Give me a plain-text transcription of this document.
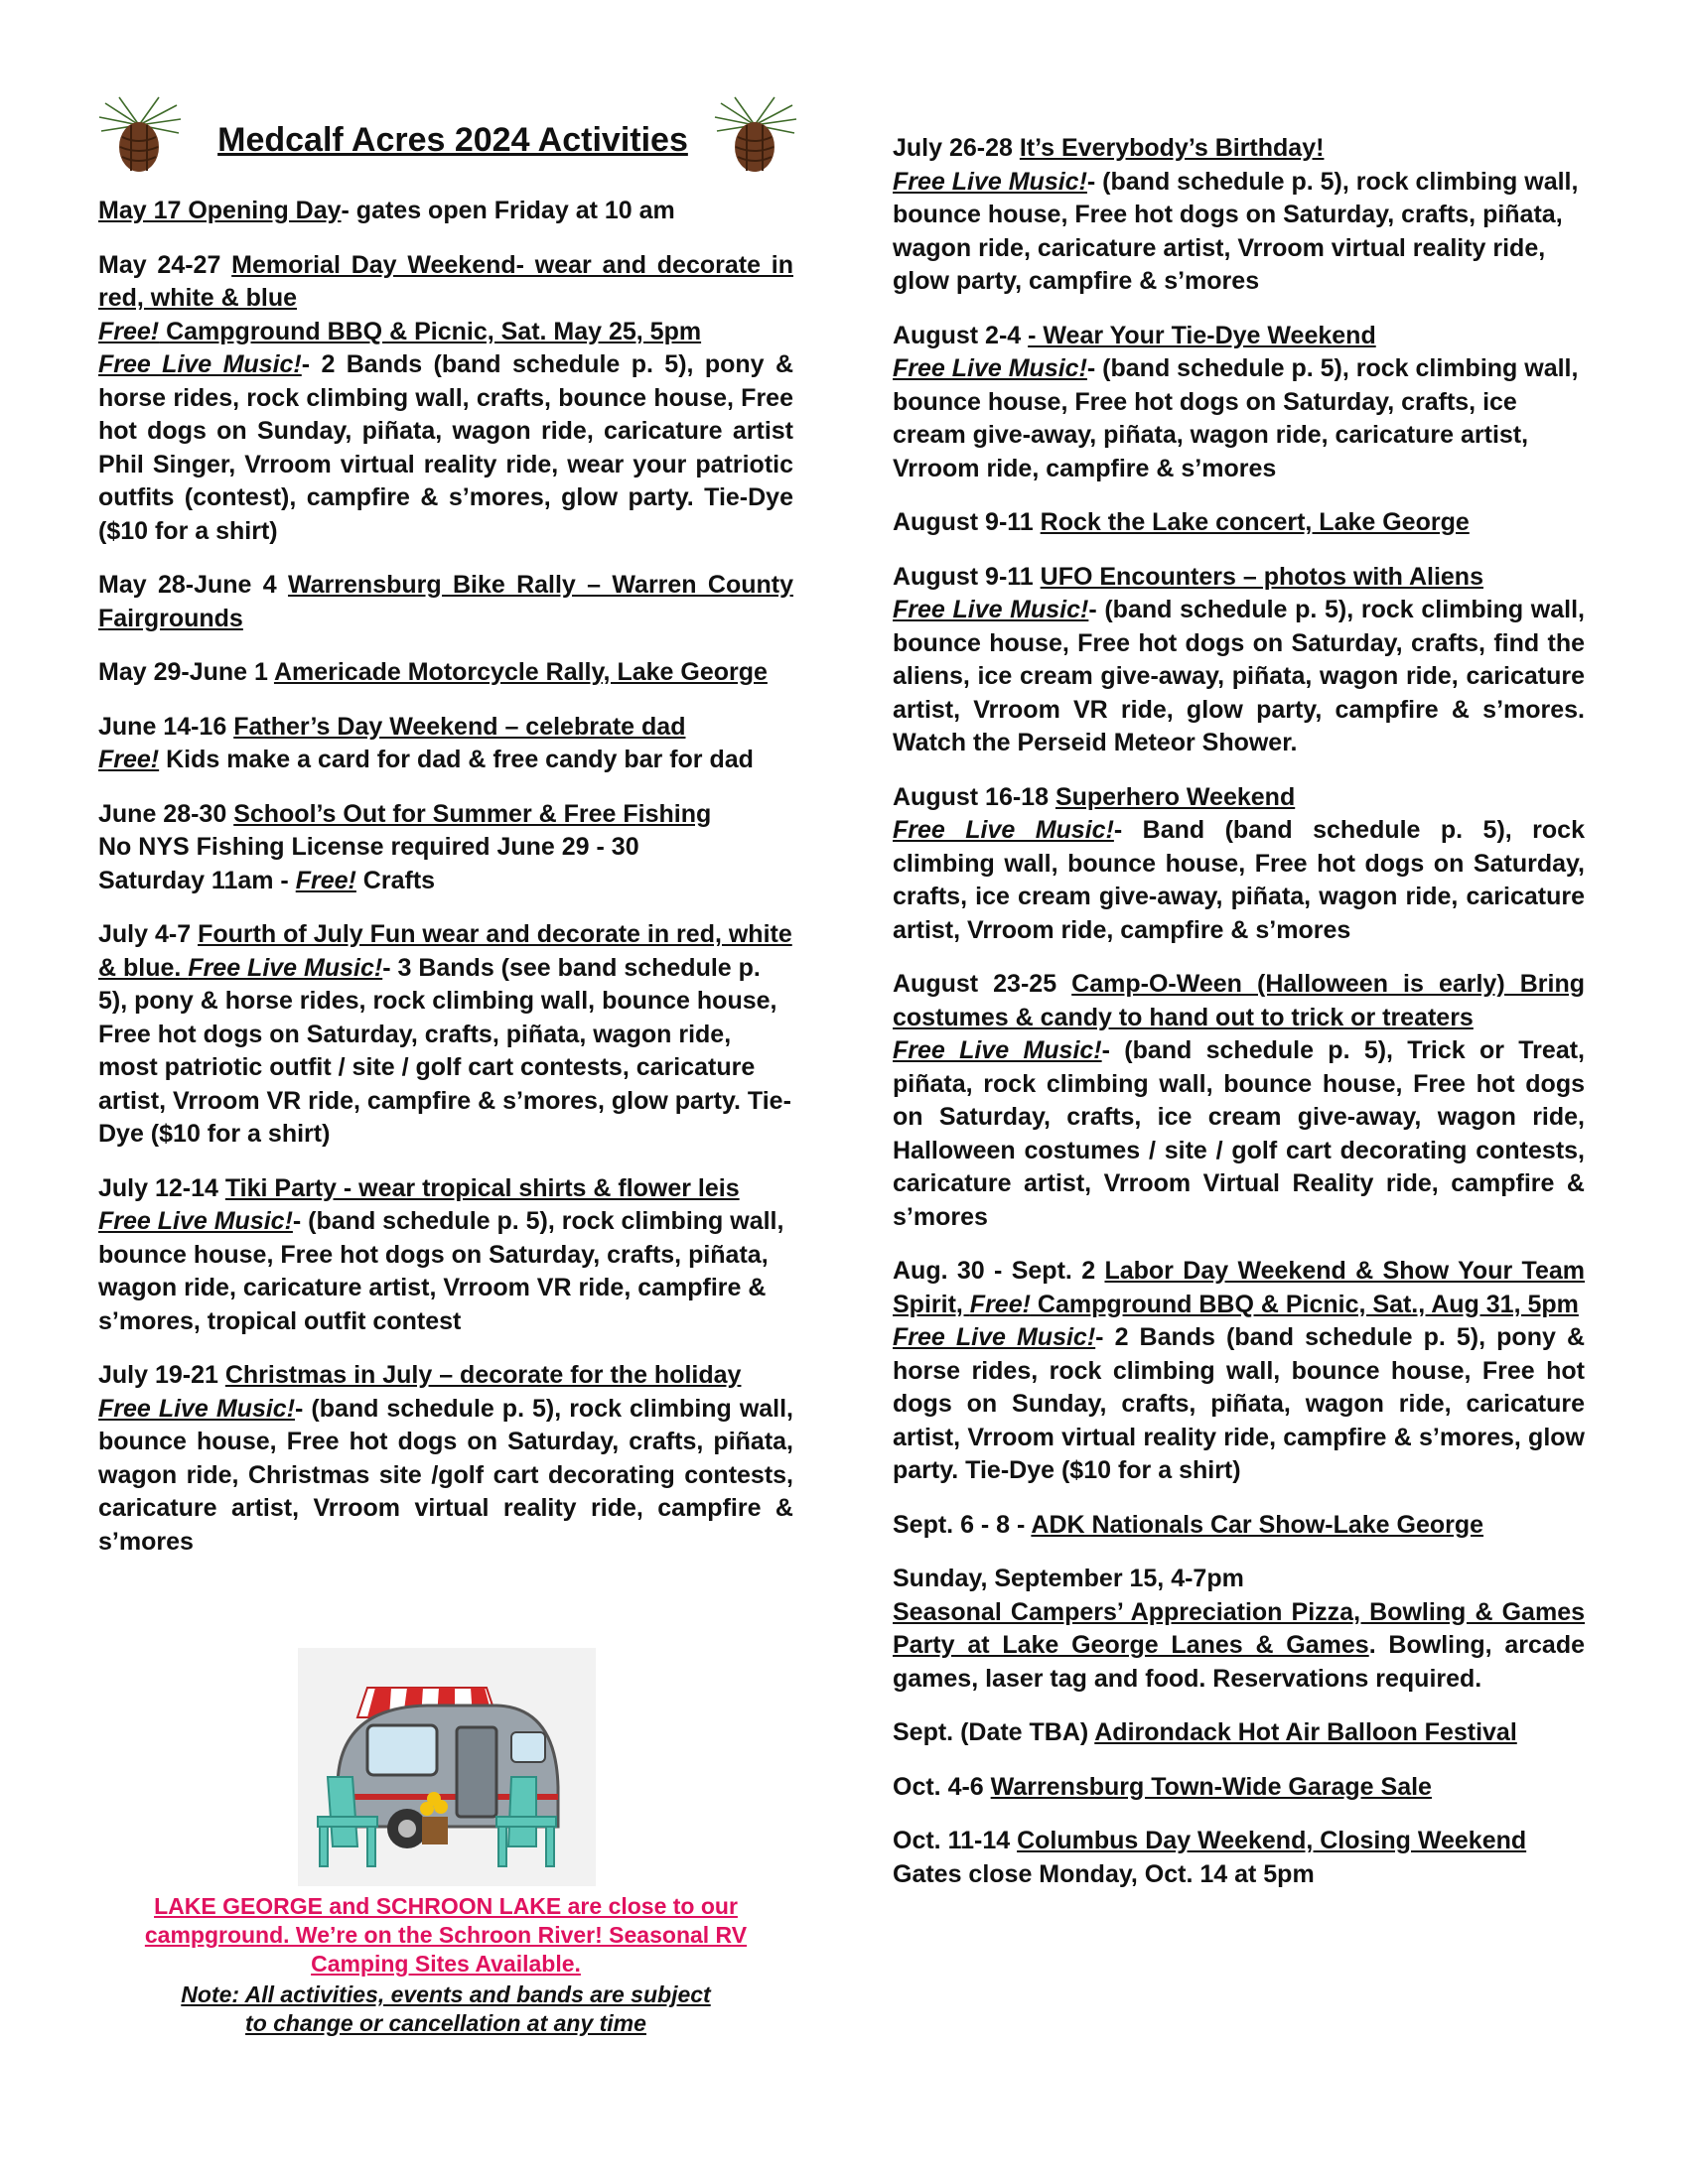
Medcalf Acres 2024 Activities
May 17 Opening Day- gates open Friday at 10 am
May 24-27 Memorial Day Weekend- wear and decorate in red, white & blue
Free! Campground BBQ & Picnic, Sat. May 25, 5pm
Free Live Music!- 2 Bands (band schedule p. 5), pony & horse rides, rock climbing wall, crafts, bounce house, Free hot dogs on Sunday, piñata, wagon ride, caricature artist Phil Singer, Vrroom virtual reality ride, wear your patriotic outfits (contest), campfire & s’mores, glow party. Tie-Dye ($10 for a shirt)
May 28-June 4 Warrensburg Bike Rally – Warren County Fairgrounds
May 29-June 1 Americade Motorcycle Rally, Lake George
June 14-16 Father’s Day Weekend – celebrate dad
Free! Kids make a card for dad & free candy bar for dad
June 28-30 School’s Out for Summer & Free Fishing
No NYS Fishing License required June 29 - 30
Saturday 11am - Free! Crafts
July 4-7 Fourth of July Fun wear and decorate in red, white & blue. Free Live Music!- 3 Bands (see band schedule p. 5), pony & horse rides, rock climbing wall, bounce house, Free hot dogs on Saturday, crafts, piñata, wagon ride, most patriotic outfit / site / golf cart contests, caricature artist, Vrroom VR ride, campfire & s’mores, glow party. Tie-Dye ($10 for a shirt)
July 12-14 Tiki Party - wear tropical shirts & flower leis
Free Live Music!- (band schedule p. 5), rock climbing wall, bounce house, Free hot dogs on Saturday, crafts, piñata, wagon ride, caricature artist, Vrroom VR ride, campfire & s’mores, tropical outfit contest
July 19-21 Christmas in July – decorate for the holiday
Free Live Music!- (band schedule p. 5), rock climbing wall, bounce house, Free hot dogs on Saturday, crafts, piñata, wagon ride, Christmas site /golf cart decorating contests, caricature artist, Vrroom virtual reality ride, campfire & s’mores
LAKE GEORGE and SCHROON LAKE are close to our campground. We’re on the Schroon River! Seasonal RV Camping Sites Available.
Note: All activities, events and bands are subject
to change or cancellation at any time
July 26-28 It’s Everybody’s Birthday!
Free Live Music!- (band schedule p. 5), rock climbing wall, bounce house, Free hot dogs on Saturday, crafts, piñata, wagon ride, caricature artist, Vrroom virtual reality ride, glow party, campfire & s’mores
August 2-4 - Wear Your Tie-Dye Weekend
Free Live Music!- (band schedule p. 5), rock climbing wall, bounce house, Free hot dogs on Saturday, crafts, ice cream give-away, piñata, wagon ride, caricature artist, Vrroom ride, campfire & s’mores
August 9-11 Rock the Lake concert, Lake George
August 9-11 UFO Encounters – photos with Aliens
Free Live Music!- (band schedule p. 5), rock climbing wall, bounce house, Free hot dogs on Saturday, crafts, find the aliens, ice cream give-away, piñata, wagon ride, caricature artist, Vrroom VR ride, glow party, campfire & s’mores. Watch the Perseid Meteor Shower.
August 16-18 Superhero Weekend
Free Live Music!- Band (band schedule p. 5), rock climbing wall, bounce house, Free hot dogs on Saturday, crafts, ice cream give-away, piñata, wagon ride, caricature artist, Vrroom ride, campfire & s’mores
August 23-25 Camp-O-Ween (Halloween is early) Bring costumes & candy to hand out to trick or treaters
Free Live Music!- (band schedule p. 5), Trick or Treat, piñata, rock climbing wall, bounce house, Free hot dogs on Saturday, crafts, ice cream give-away, wagon ride, Halloween costumes / site / golf cart decorating contests, caricature artist, Vrroom Virtual Reality ride, campfire & s’mores
Aug. 30 - Sept. 2 Labor Day Weekend & Show Your Team Spirit, Free! Campground BBQ & Picnic, Sat., Aug 31, 5pm
Free Live Music!- 2 Bands (band schedule p. 5), pony & horse rides, rock climbing wall, bounce house, Free hot dogs on Sunday, crafts, piñata, wagon ride, caricature artist, Vrroom virtual reality ride, campfire & s’mores, glow party. Tie-Dye ($10 for a shirt)
Sept. 6 - 8 - ADK Nationals Car Show-Lake George
Sunday, September 15, 4-7pm
Seasonal Campers’ Appreciation Pizza, Bowling & Games Party at Lake George Lanes & Games. Bowling, arcade games, laser tag and food. Reservations required.
Sept. (Date TBA) Adirondack Hot Air Balloon Festival
Oct. 4-6 Warrensburg Town-Wide Garage Sale
Oct. 11-14 Columbus Day Weekend, Closing Weekend Gates close Monday, Oct. 14 at 5pm
